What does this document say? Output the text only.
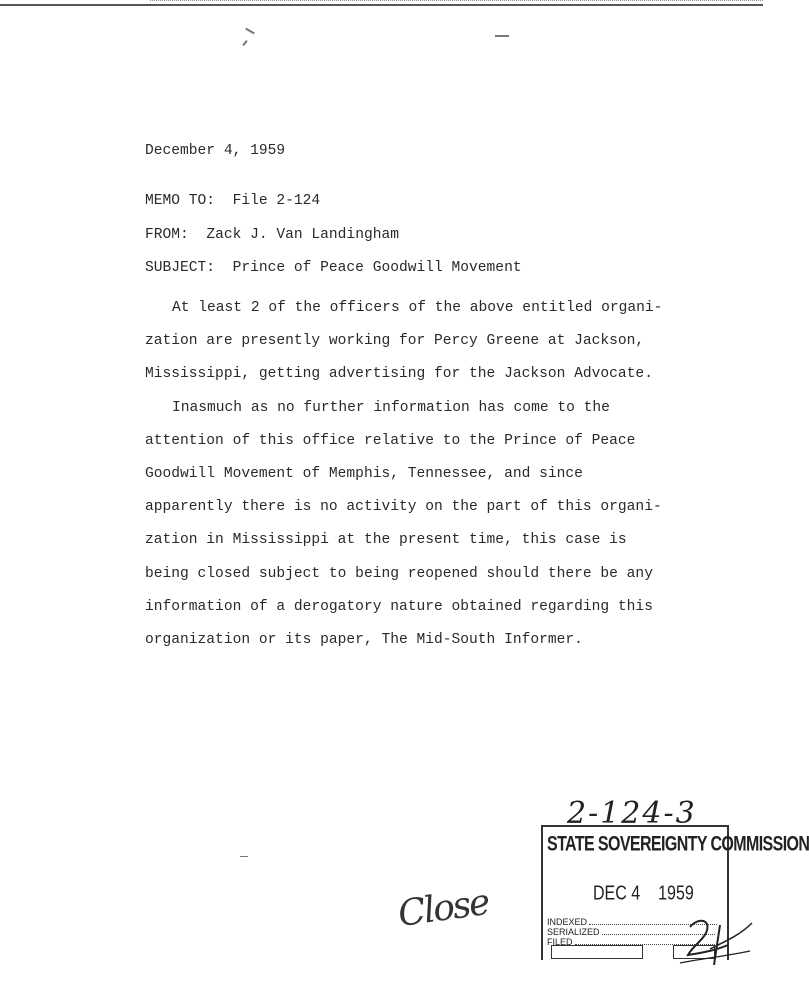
December 4, 1959
MEMO TO: File 2-124
FROM: Zack J. Van Landingham
SUBJECT: Prince of Peace Goodwill Movement
At least 2 of the officers of the above entitled organi-
zation are presently working for Percy Greene at Jackson,
Mississippi, getting advertising for the Jackson Advocate.
Inasmuch as no further information has come to the
attention of this office relative to the Prince of Peace
Goodwill Movement of Memphis, Tennessee, and since
apparently there is no activity on the part of this organi-
zation in Mississippi at the present time, this case is
being closed subject to being reopened should there be any
information of a derogatory nature obtained regarding this
organization or its paper, The Mid-South Informer.
2-124-3
STATE SOVEREIGNTY COMMISSION
DEC 4 1959
INDEXED
SERIALIZED
FILED
Close
